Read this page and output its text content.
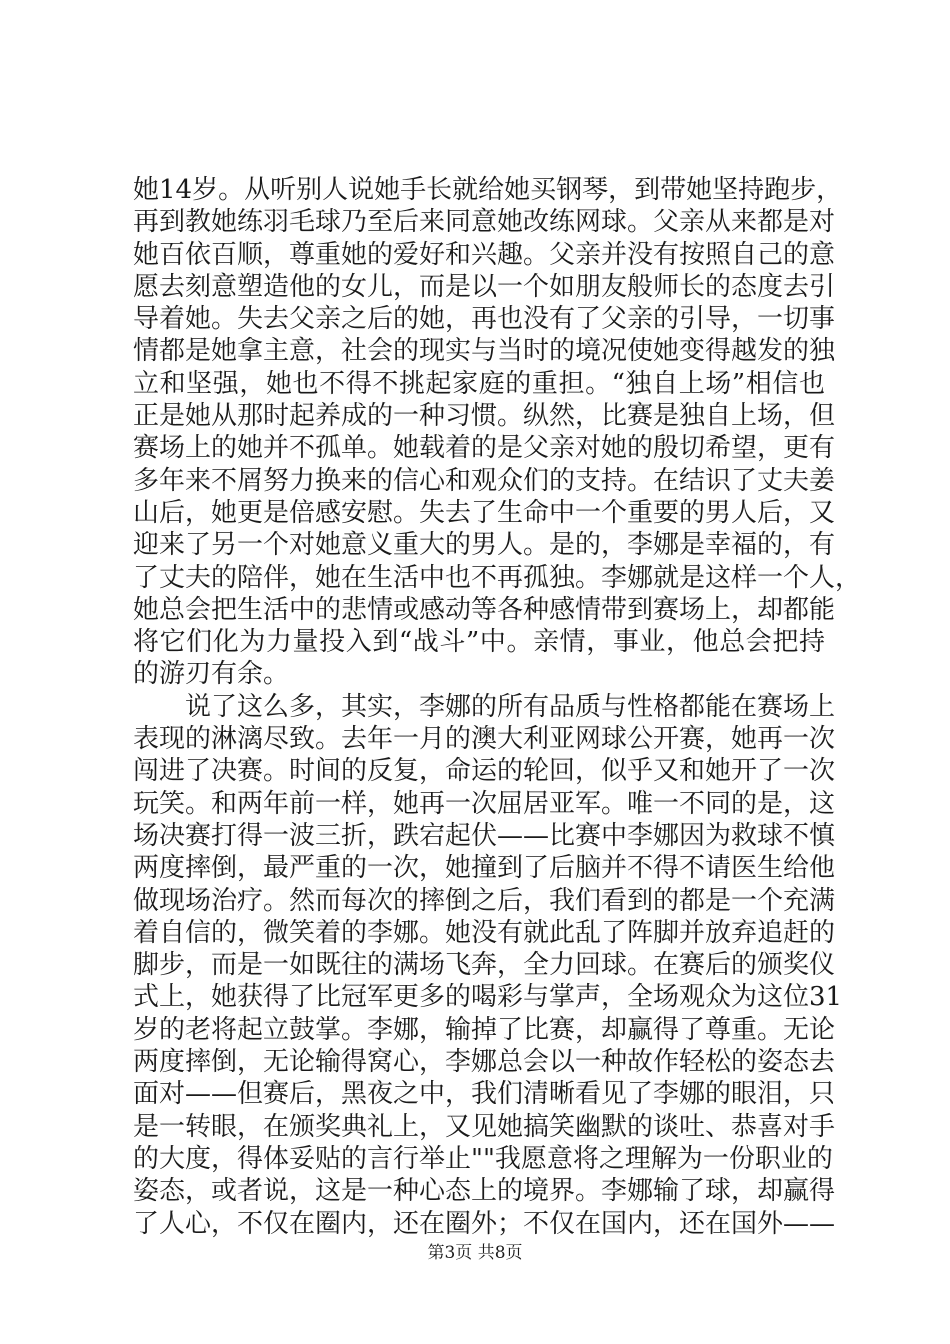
她14岁。从听别人说她手长就给她买钢琴，到带她坚持跑步，
再到教她练羽毛球乃至后来同意她改练网球。父亲从来都是对
她百依百顺，尊重她的爱好和兴趣。父亲并没有按照自己的意
愿去刻意塑造他的女儿，而是以一个如朋友般师长的态度去引
导着她。失去父亲之后的她，再也没有了父亲的引导，一切事
情都是她拿主意，社会的现实与当时的境况使她变得越发的独
立和坚强，她也不得不挑起家庭的重担。“独自上场”相信也
正是她从那时起养成的一种习惯。纵然，比赛是独自上场，但
赛场上的她并不孤单。她载着的是父亲对她的殷切希望，更有
多年来不屑努力换来的信心和观众们的支持。在结识了丈夫姜
山后，她更是倍感安慰。失去了生命中一个重要的男人后，又
迎来了另一个对她意义重大的男人。是的，李娜是幸福的，有
了丈夫的陪伴，她在生活中也不再孤独。李娜就是这样一个人，
她总会把生活中的悲情或感动等各种感情带到赛场上，却都能
将它们化为力量投入到“战斗”中。亲情，事业，他总会把持
的游刃有余。
说了这么多，其实，李娜的所有品质与性格都能在赛场上
表现的淋漓尽致。去年一月的澳大利亚网球公开赛，她再一次
闯进了决赛。时间的反复，命运的轮回，似乎又和她开了一次
玩笑。和两年前一样，她再一次屈居亚军。唯一不同的是，这
场决赛打得一波三折，跌宕起伏——比赛中李娜因为救球不慎
两度摔倒，最严重的一次，她撞到了后脑并不得不请医生给他
做现场治疗。然而每次的摔倒之后，我们看到的都是一个充满
着自信的，微笑着的李娜。她没有就此乱了阵脚并放弃追赶的
脚步，而是一如既往的满场飞奔，全力回球。在赛后的颁奖仪
式上，她获得了比冠军更多的喝彩与掌声，全场观众为这位31
岁的老将起立鼓掌。李娜，输掉了比赛，却赢得了尊重。无论
两度摔倒，无论输得窝心，李娜总会以一种故作轻松的姿态去
面对——但赛后，黑夜之中，我们清晰看见了李娜的眼泪，只
是一转眼，在颁奖典礼上，又见她搞笑幽默的谈吐、恭喜对手
的大度，得体妥贴的言行举止""我愿意将之理解为一份职业的
姿态，或者说，这是一种心态上的境界。李娜输了球，却赢得
了人心，不仅在圈内，还在圈外；不仅在国内，还在国外——
第3页 共8页
